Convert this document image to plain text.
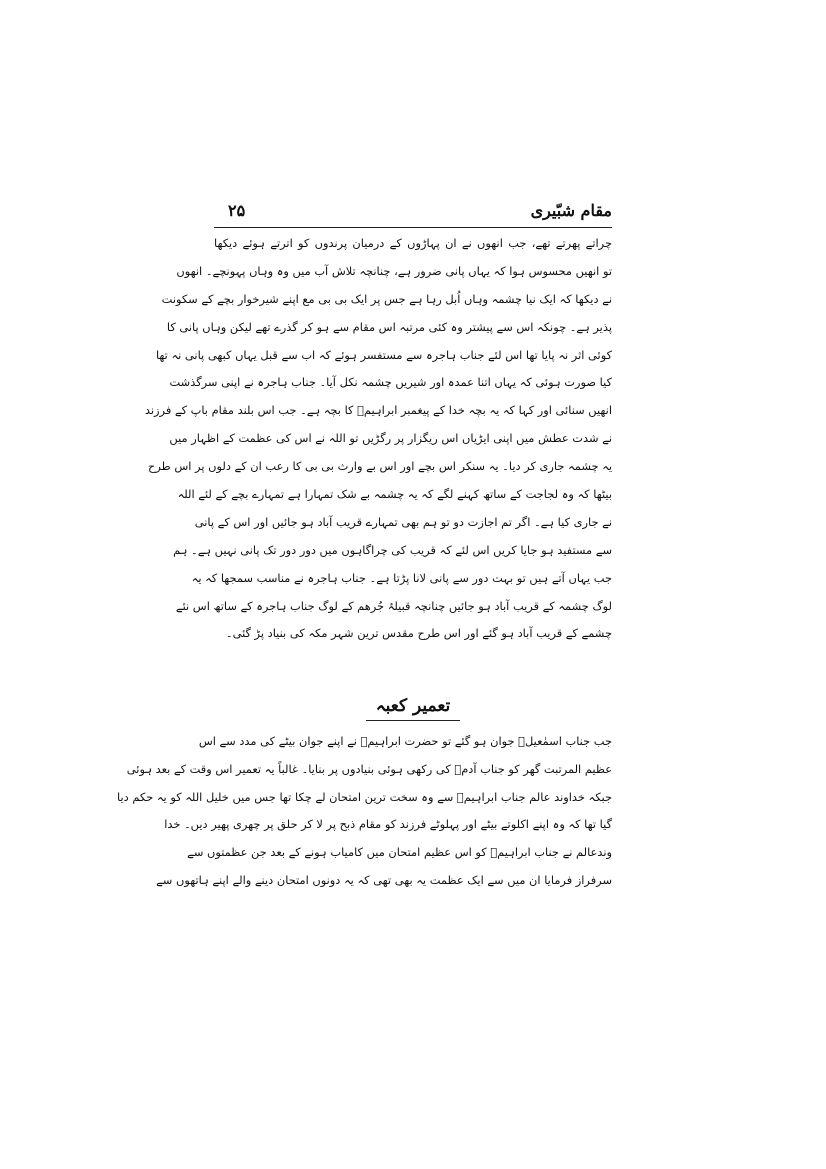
مقام شبّیری
۲۵
چراتے پھرتے تھے، جب انھوں نے ان پہاڑوں کے درمیان پرندوں کو اترتے ہوئے دیکھا
تو انھیں محسوس ہوا کہ یہاں پانی ضرور ہے، چنانچہ تلاش آب میں وہ وہاں پہونچے۔ انھوں
نے دیکھا کہ ایک نیا چشمہ وہاں اُبل رہا ہے جس پر ایک بی بی مع اپنے شیرخوار بچے کے سکونت
پذیر ہے۔ چونکہ اس سے پیشتر وہ کئی مرتبہ اس مقام سے ہو کر گذرے تھے لیکن وہاں پانی کا
کوئی اثر نہ پایا تھا اس لئے جناب ہاجرہ سے مستفسر ہوئے کہ اب سے قبل یہاں کبھی پانی نہ تھا
کیا صورت ہوئی کہ یہاں اتنا عمدہ اور شیریں چشمہ نکل آیا۔ جناب ہاجرہ نے اپنی سرگذشت
انھیں سنائی اور کہا کہ یہ بچہ خدا کے پیغمبر ابراہیمؑ کا بچہ ہے۔ جب اس بلند مقام باپ کے فرزند
نے شدت عطش میں اپنی ایڑیاں اس ریگزار پر رگڑیں تو اللہ نے اس کی عظمت کے اظہار میں
یہ چشمہ جاری کر دیا۔ یہ سنکر اس بچے اور اس بے وارث بی بی کا رعب ان کے دلوں پر اس طرح
بیٹھا کہ وہ لجاجت کے ساتھ کہنے لگے کہ یہ چشمہ بے شک تمہارا ہے تمہارے بچے کے لئے اللہ
نے جاری کیا ہے۔ اگر تم اجازت دو تو ہم بھی تمہارے قریب آباد ہو جائیں اور اس کے پانی
سے مستفید ہو جایا کریں اس لئے کہ قریب کی چراگاہوں میں دور دور تک پانی نہیں ہے۔ ہم
جب یہاں آتے ہیں تو بہت دور سے پانی لانا پڑتا ہے۔ جناب ہاجرہ نے مناسب سمجھا کہ یہ
لوگ چشمہ کے قریب آباد ہو جائیں چنانچہ قبیلۂ جُرھم کے لوگ جناب ہاجرہ کے ساتھ اس نئے
چشمے کے قریب آباد ہو گئے اور اس طرح مقدس ترین شہر مکہ کی بنیاد پڑ گئی۔
تعمیر کعبہ
جب جناب اسمٰعیلؑ جوان ہو گئے تو حضرت ابراہیمؑ نے اپنے جوان بیٹے کی مدد سے اس
عظیم المرتبت گھر کو جناب آدمؑ کی رکھی ہوئی بنیادوں پر بنایا۔ غالباً یہ تعمیر اس وقت کے بعد ہوئی
جبکہ خداوند عالم جناب ابراہیمؑ سے وہ سخت ترین امتحان لے چکا تھا جس میں خلیل اللہ کو یہ حکم دیا
گیا تھا کہ وہ اپنے اکلوتے بیٹے اور پہلوٹے فرزند کو مقام ذبح پر لا کر حلق پر چھری پھیر دیں۔ خدا
وندعالم نے جناب ابراہیمؑ کو اس عظیم امتحان میں کامیاب ہونے کے بعد جن عظمتوں سے
سرفراز فرمایا ان میں سے ایک عظمت یہ بھی تھی کہ یہ دونوں امتحان دینے والے اپنے ہاتھوں سے
